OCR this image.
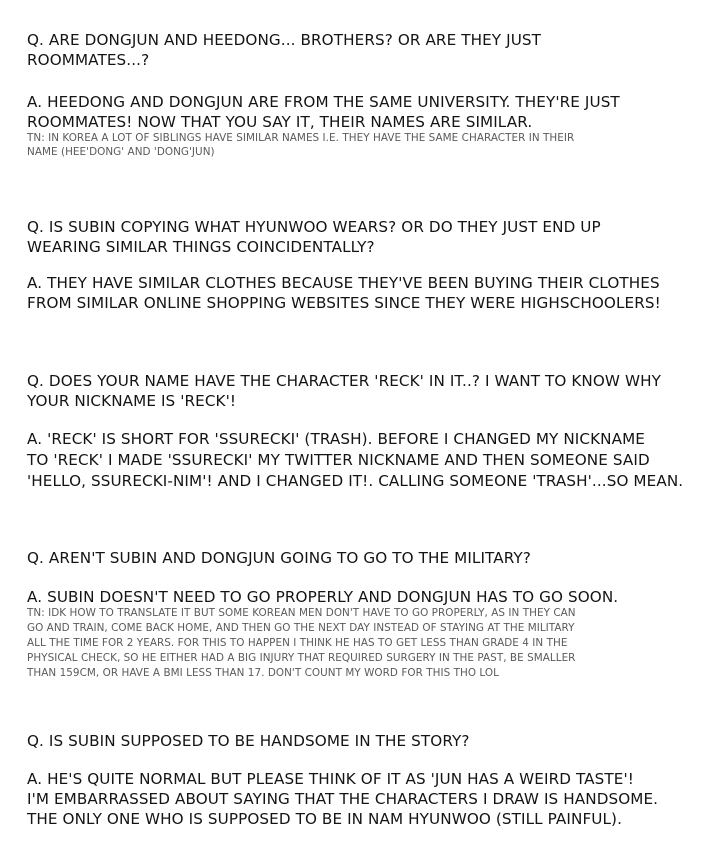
Q. ARE DONGJUN AND HEEDONG... BROTHERS? OR ARE THEY JUST
ROOMMATES...?
A. HEEDONG AND DONGJUN ARE FROM THE SAME UNIVERSITY. THEY'RE JUST
ROOMMATES! NOW THAT YOU SAY IT, THEIR NAMES ARE SIMILAR.
TN: IN KOREA A LOT OF SIBLINGS HAVE SIMILAR NAMES I.E. THEY HAVE THE SAME CHARACTER IN THEIR
NAME (HEE'DONG' AND 'DONG'JUN)
Q. IS SUBIN COPYING WHAT HYUNWOO WEARS? OR DO THEY JUST END UP
WEARING SIMILAR THINGS COINCIDENTALLY?
A. THEY HAVE SIMILAR CLOTHES BECAUSE THEY'VE BEEN BUYING THEIR CLOTHES
FROM SIMILAR ONLINE SHOPPING WEBSITES SINCE THEY WERE HIGHSCHOOLERS!
Q. DOES YOUR NAME HAVE THE CHARACTER 'RECK' IN IT..? I WANT TO KNOW WHY
YOUR NICKNAME IS 'RECK'!
A. 'RECK' IS SHORT FOR 'SSURECKI' (TRASH). BEFORE I CHANGED MY NICKNAME
TO 'RECK' I MADE 'SSURECKI' MY TWITTER NICKNAME AND THEN SOMEONE SAID
'HELLO, SSURECKI-NIM'! AND I CHANGED IT!. CALLING SOMEONE 'TRASH'...SO MEAN.
Q. AREN'T SUBIN AND DONGJUN GOING TO GO TO THE MILITARY?
A. SUBIN DOESN'T NEED TO GO PROPERLY AND DONGJUN HAS TO GO SOON.
TN: IDK HOW TO TRANSLATE IT BUT SOME KOREAN MEN DON'T HAVE TO GO PROPERLY, AS IN THEY CAN
GO AND TRAIN, COME BACK HOME, AND THEN GO THE NEXT DAY INSTEAD OF STAYING AT THE MILITARY
ALL THE TIME FOR 2 YEARS. FOR THIS TO HAPPEN I THINK HE HAS TO GET LESS THAN GRADE 4 IN THE
PHYSICAL CHECK, SO HE EITHER HAD A BIG INJURY THAT REQUIRED SURGERY IN THE PAST, BE SMALLER
THAN 159CM, OR HAVE A BMI LESS THAN 17. DON'T COUNT MY WORD FOR THIS THO LOL
Q. IS SUBIN SUPPOSED TO BE HANDSOME IN THE STORY?
A. HE'S QUITE NORMAL BUT PLEASE THINK OF IT AS 'JUN HAS A WEIRD TASTE'!
I'M EMBARRASSED ABOUT SAYING THAT THE CHARACTERS I DRAW IS HANDSOME.
THE ONLY ONE WHO IS SUPPOSED TO BE IN NAM HYUNWOO (STILL PAINFUL).
